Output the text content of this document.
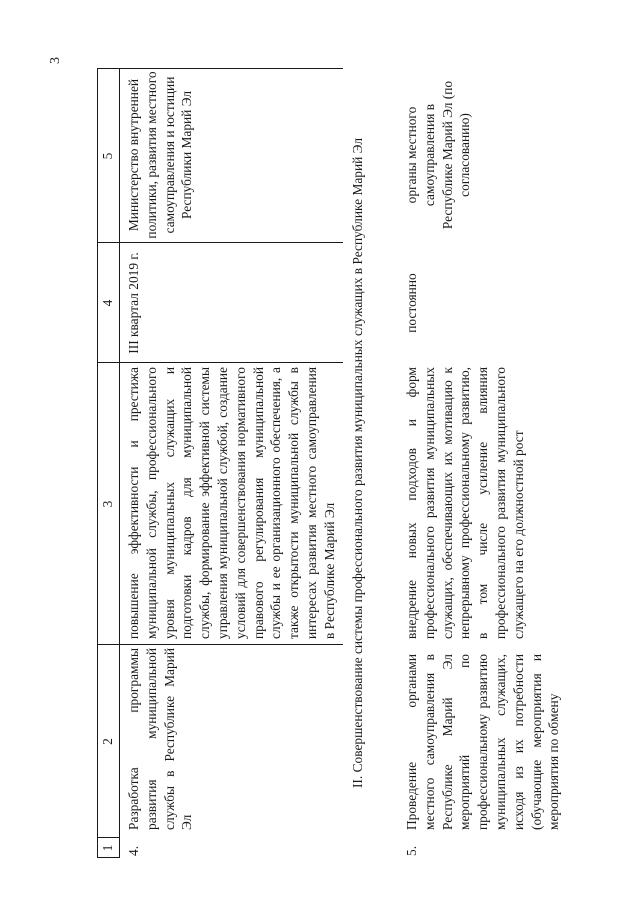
3
1
2
3
4
5
4.
Разработка программы развития муниципальной службы в Республике Марий Эл
повышение эффективности и престижа муниципальной службы, профессионального уровня муниципальных служащих и подготовки кадров для муниципальной службы, формирование эффективной системы управления муниципальной службой, создание условий для совершенствования нормативного правового регулирования муниципальной службы и ее организационного обеспечения, а также открытости муниципальной службы в интересах развития местного самоуправления в Республике Марий Эл
III квартал 2019 г.
Министерство внутренней политики, развития местного самоуправления и юстиции Республики Марий Эл	II. Совершенствование системы профессионального развития муниципальных служащих в Республике Марий Эл
5.
Проведение органами местного самоуправления в Республике Марий Эл мероприятий по профессиональному развитию муниципальных служащих, исходя из их потребности (обучающие мероприятия и мероприятия по обмену
внедрение новых подходов и форм профессионального развития муниципальных служащих, обеспечивающих их мотивацию к непрерывному профессиональному развитию, в том числе усиление влияния профессионального развития муниципального служащего на его должностной рост
постоянно
органы местного самоуправления в Республике Марий Эл (по согласованию)
